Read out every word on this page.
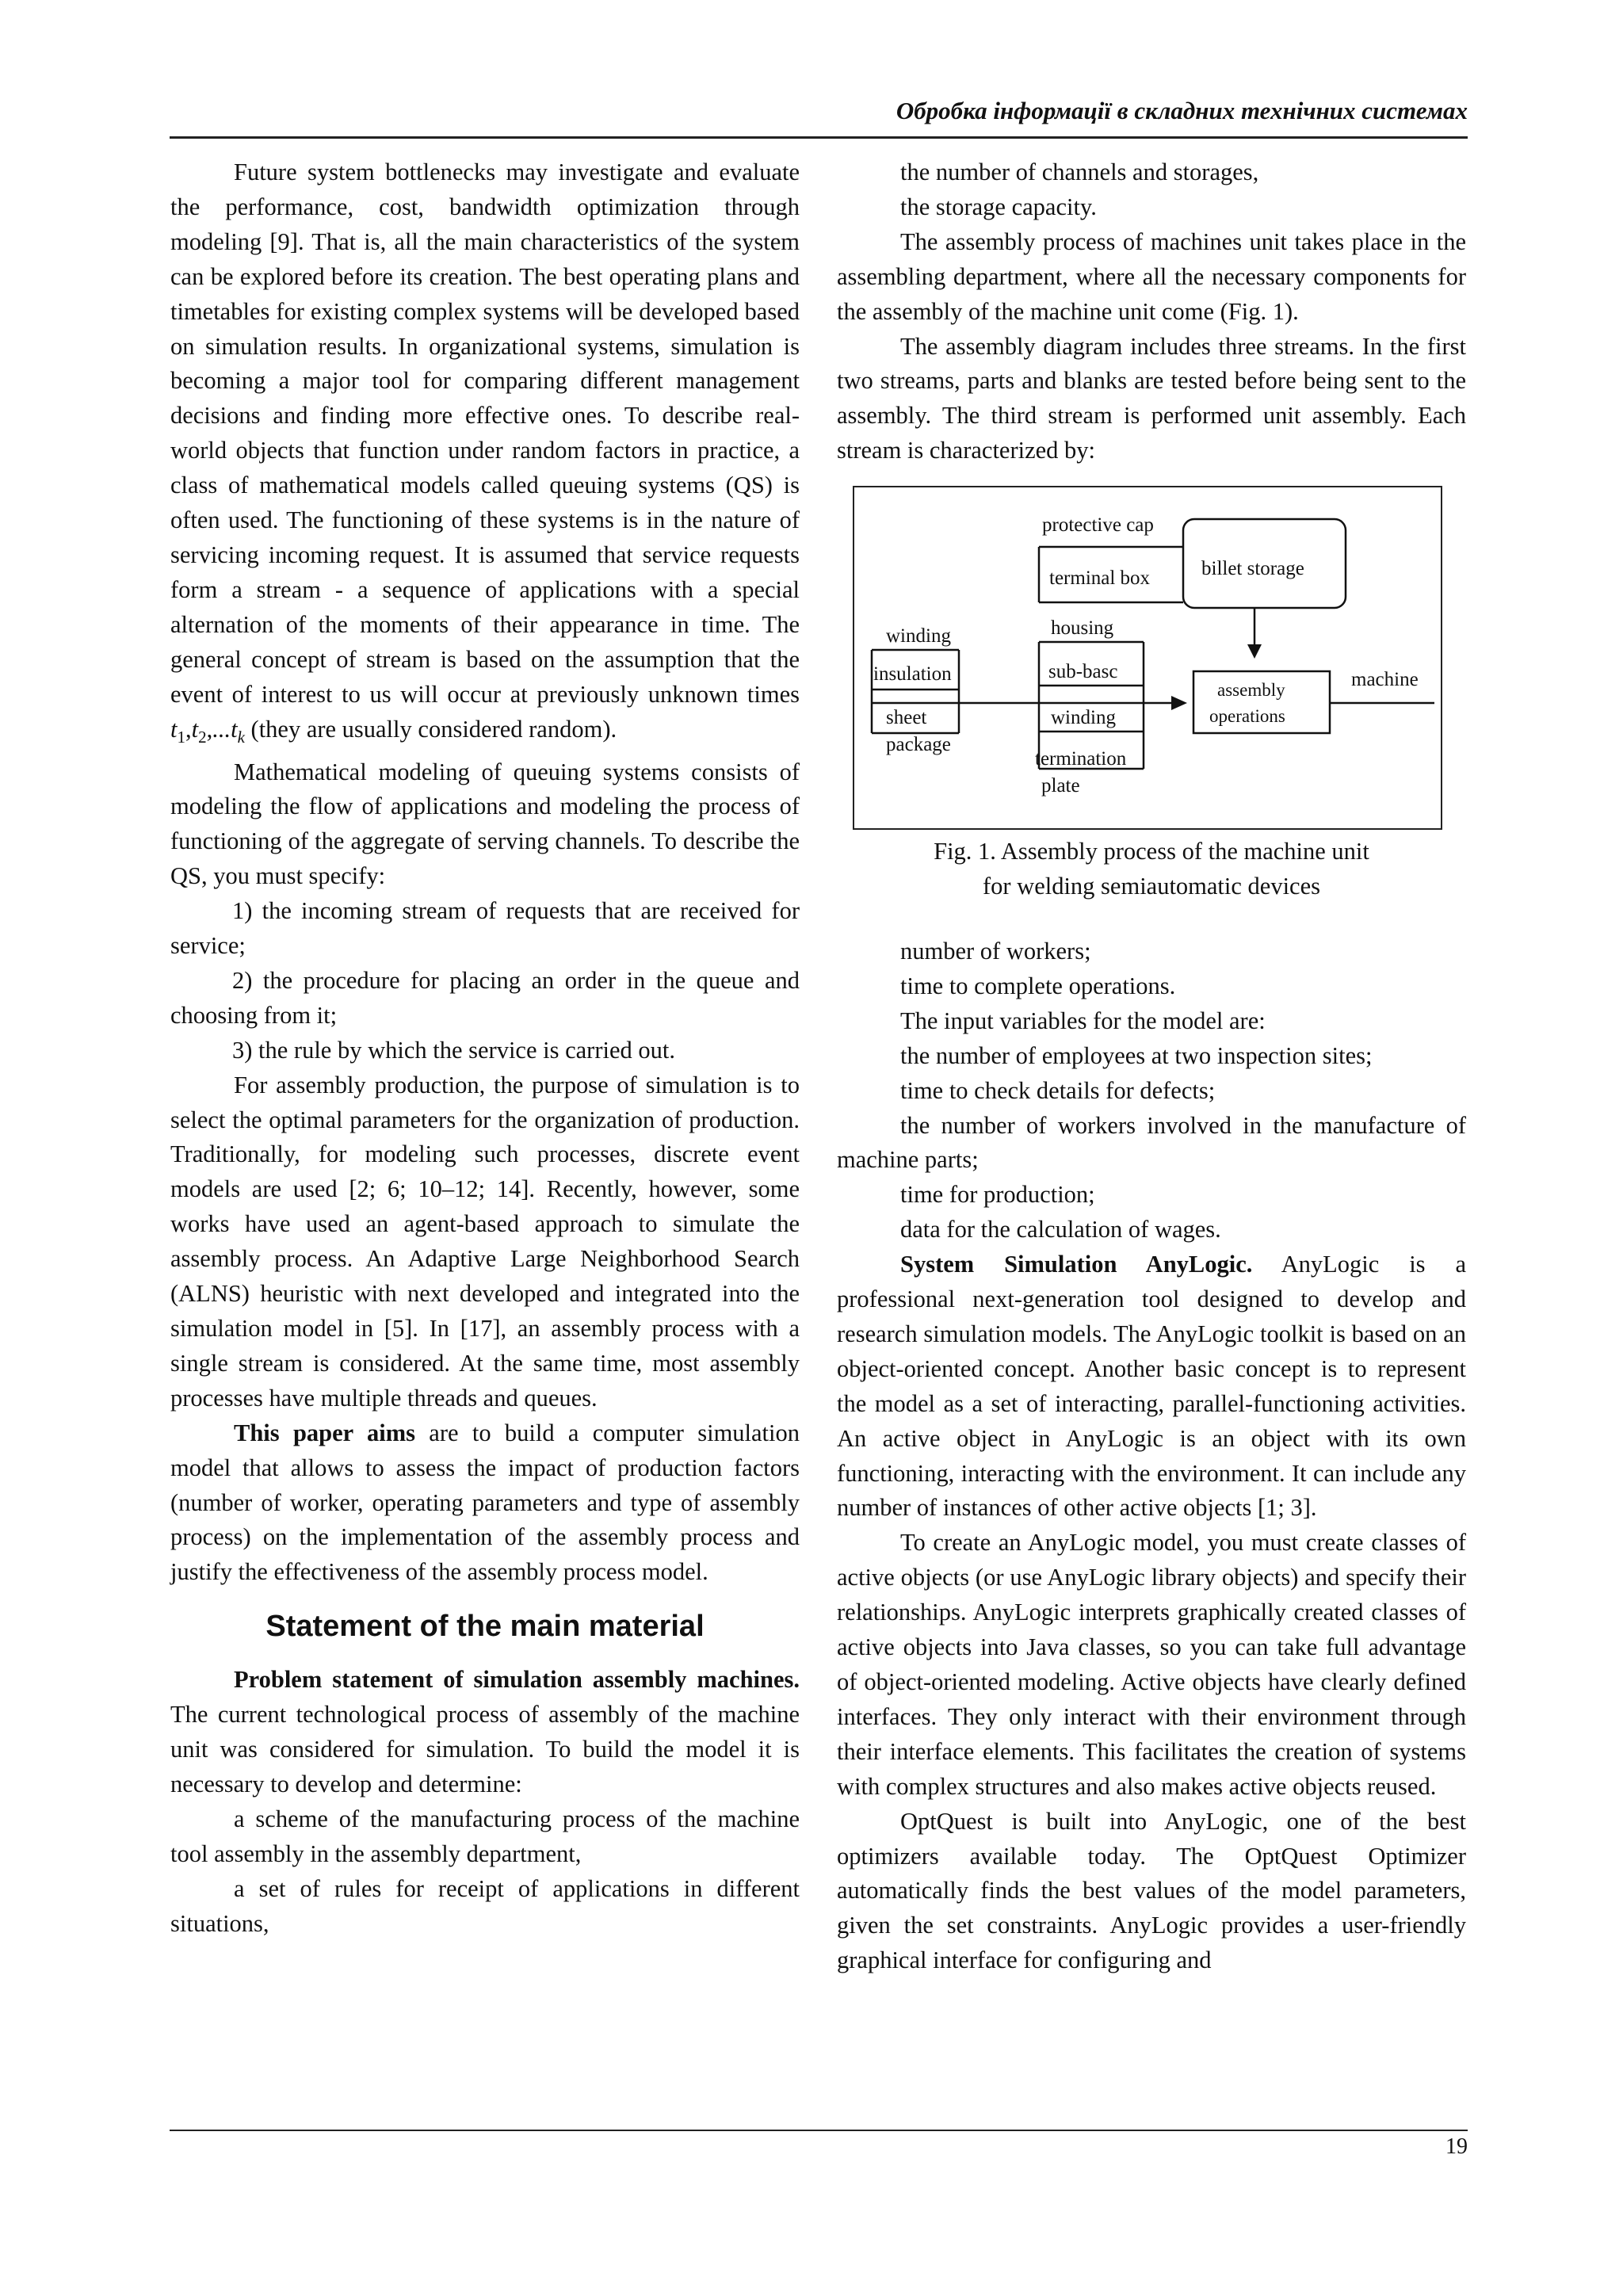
Обробка інформації в складних технічних системах

Future system bottlenecks may investigate and evaluate the performance, cost, bandwidth optimization through modeling [9]. That is, all the main characteristics of the system can be explored before its creation. The best operating plans and timetables for existing complex systems will be developed based on simulation results. In organizational systems, simulation is becoming a major tool for comparing different management decisions and finding more effective ones. To describe real-world objects that function under random factors in practice, a class of mathematical models called queuing systems (QS) is often used. The functioning of these systems is in the nature of servicing incoming request. It is assumed that service requests form a stream - a sequence of applications with a special alternation of the moments of their appearance in time. The general concept of stream is based on the assumption that the event of interest to us will occur at previously unknown times $t_1,t_2,...t_k$ (they are usually considered random).

Mathematical modeling of queuing systems consists of modeling the flow of applications and modeling the process of functioning of the aggregate of serving channels. To describe the QS, you must specify:

1) the incoming stream of requests that are received for service;

2) the procedure for placing an order in the queue and choosing from it;

3) the rule by which the service is carried out.

For assembly production, the purpose of simulation is to select the optimal parameters for the organization of production. Traditionally, for modeling such processes, discrete event models are used [2; 6; 10–12; 14]. Recently, however, some works have used an agent-based approach to simulate the assembly process. An Adaptive Large Neighborhood Search (ALNS) heuristic with next developed and integrated into the simulation model in [5]. In [17], an assembly process with a single stream is considered. At the same time, most assembly processes have multiple threads and queues.

This paper aims are to build a computer simulation model that allows to assess the impact of production factors (number of worker, operating parameters and type of assembly process) on the implementation of the assembly process and justify the effectiveness of the assembly process model.

Statement of the main material

Problem statement of simulation assembly machines. The current technological process of assembly of the machine unit was considered for simulation. To build the model it is necessary to develop and determine:

a scheme of the manufacturing process of the machine tool assembly in the assembly department,

a set of rules for receipt of applications in different situations,

the number of channels and storages,

the storage capacity.

The assembly process of machines unit takes place in the assembling department, where all the necessary components for the assembly of the machine unit come (Fig. 1).

The assembly diagram includes three streams. In the first two streams, parts and blanks are tested before being sent to the assembly. The third stream is performed unit assembly. Each stream is characterized by:

protective cap
terminal box	billet storage
housing
winding
insulation	sub-basc
assembly
operations
machine
sheet
package
winding
termination
plate
Fig. 1. Assembly process of the machine unit
for welding semiautomatic devices

number of workers;

time to complete operations.

The input variables for the model are:

the number of employees at two inspection sites;

time to check details for defects;

the number of workers involved in the manufacture of machine parts;

time for production;

data for the calculation of wages.

System Simulation AnyLogic. AnyLogic is a professional next-generation tool designed to develop and research simulation models. The AnyLogic toolkit is based on an object-oriented concept. Another basic concept is to represent the model as a set of interacting, parallel-functioning activities. An active object in AnyLogic is an object with its own functioning, interacting with the environment. It can include any number of instances of other active objects [1; 3].

To create an AnyLogic model, you must create classes of active objects (or use AnyLogic library objects) and specify their relationships. AnyLogic interprets graphically created classes of active objects into Java classes, so you can take full advantage of object-oriented modeling. Active objects have clearly defined interfaces. They only interact with their environment through their interface elements. This facilitates the creation of systems with complex structures and also makes active objects reused.

OptQuest is built into AnyLogic, one of the best optimizers available today. The OptQuest Optimizer automatically finds the best values of the model parameters, given the set constraints. AnyLogic provides a user-friendly graphical interface for configuring and

19
